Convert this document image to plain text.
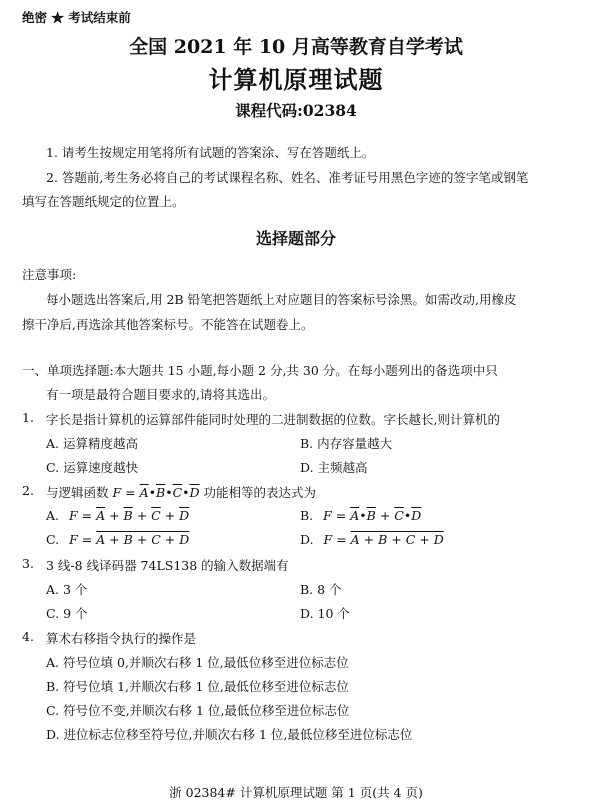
绝密 ★ 考试结束前
全国 2021 年 10 月高等教育自学考试
计算机原理试题
课程代码:02384
1. 请考生按规定用笔将所有试题的答案涂、写在答题纸上。
2. 答题前,考生务必将自己的考试课程名称、姓名、准考证号用黑色字迹的签字笔或钢笔
填写在答题纸规定的位置上。
选择题部分
注意事项:
每小题选出答案后,用 2B 铅笔把答题纸上对应题目的答案标号涂黑。如需改动,用橡皮
擦干净后,再选涂其他答案标号。不能答在试题卷上。
一、单项选择题:本大题共 15 小题,每小题 2 分,共 30 分。在每小题列出的备选项中只
有一项是最符合题目要求的,请将其选出。
1. 字长是指计算机的运算部件能同时处理的二进制数据的位数。字长越长,则计算机的
A. 运算精度越高	B. 内存容量越大
C. 运算速度越快	D. 主频越高
2. 与逻辑函数 $F = \overline{A}•\overline{B}•\overline{C}•\overline{D}$ 功能相等的表达式为
A. $F = \overline{A} + \overline{B} + \overline{C} + \overline{D}$	B. $F = \overline{A}•\overline{B}$ + $\overline{C}•\overline{D}$
C. F = A + B + C + D	D. F = A + B + C + D
3. 3 线-8 线译码器 74LS138 的输入数据端有
A. 3 个	B. 8 个
C. 9 个	D. 10 个
4. 算术右移指令执行的操作是
A. 符号位填 0,并顺次右移 1 位,最低位移至进位标志位
B. 符号位填 1,并顺次右移 1 位,最低位移至进位标志位
C. 符号位不变,并顺次右移 1 位,最低位移至进位标志位
D. 进位标志位移至符号位,并顺次右移 1 位,最低位移至进位标志位
浙 02384# 计算机原理试题 第 1 页(共 4 页)
